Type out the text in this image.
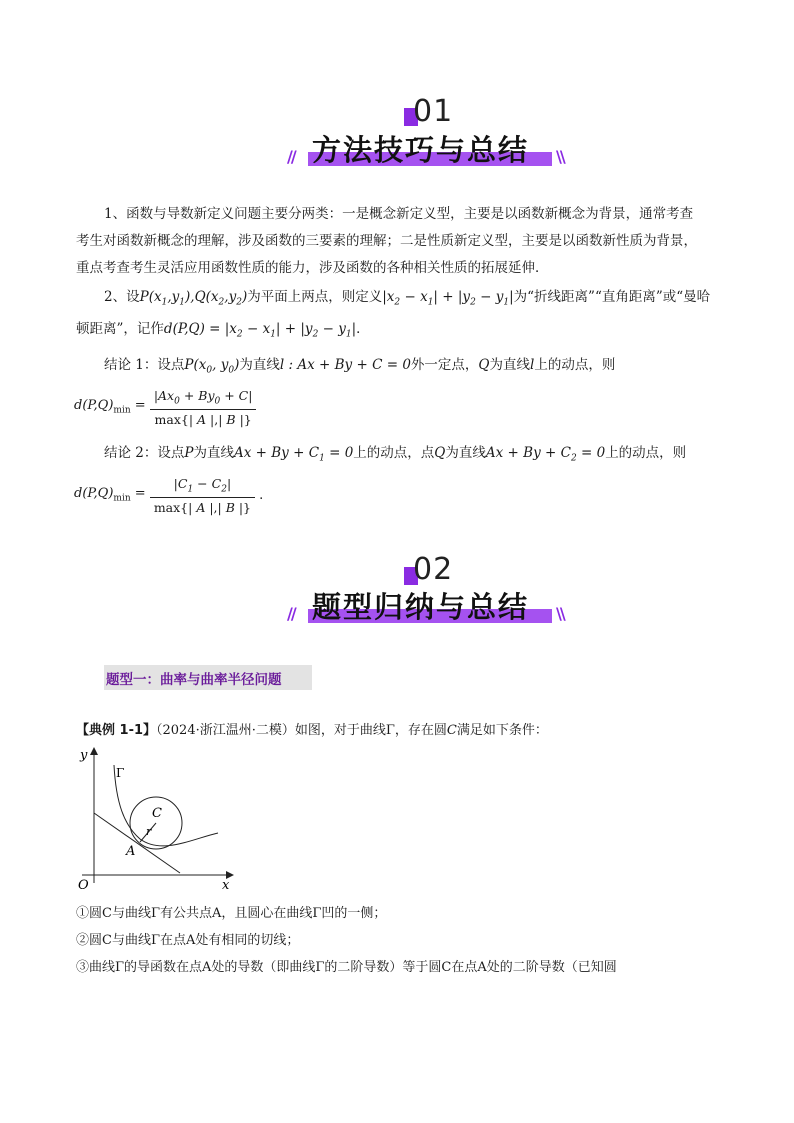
01
// 方法技巧与总结 \\
1、函数与导数新定义问题主要分两类：一是概念新定义型，主要是以函数新概念为背景，通常考查
考生对函数新概念的理解，涉及函数的三要素的理解；二是性质新定义型，主要是以函数新性质为背景，
重点考查考生灵活应用函数性质的能力，涉及函数的各种相关性质的拓展延伸．
2、设$P(x_1,y_1),Q(x_2,y_2)$为平面上两点，则定义$|x_2 - x_1| + |y_2 - y_1|$为“折线距离”“直角距离”或“曼哈
顿距离”，记作$d(P,Q) = |x_2 - x_1| + |y_2 - y_1|$．
结论 1：设点$P(x_0$, $y_0$)为直线l : Ax + By + C = 0外一定点，Q为直线l上的动点，则
$d(P,Q)_{min} = \frac{|Ax_0 + By_0 + C|}{\max\{| A |,| B |\}}$
结论 2：设点P为直线$Ax + By + C_1 = 0$上的动点，点Q为直线$Ax + By + C_2 = 0$上的动点，则
$d(P,Q)_{min} = \frac{|C_1 - C_2|}{\max\{| A |,| B |\}}$ .
02
// 题型归纳与总结 \\
题型一：曲率与曲率半径问题
【典例 1-1】（2024·浙江温州·二模）如图，对于曲线Γ，存在圆C满足如下条件：
y
x
O
Γ
C
r
A
①圆C与曲线Γ有公共点A，且圆心在曲线Γ凹的一侧；
②圆C与曲线Γ在点A处有相同的切线；
③曲线Γ的导函数在点A处的导数（即曲线Γ的二阶导数）等于圆C在点A处的二阶导数（已知圆
